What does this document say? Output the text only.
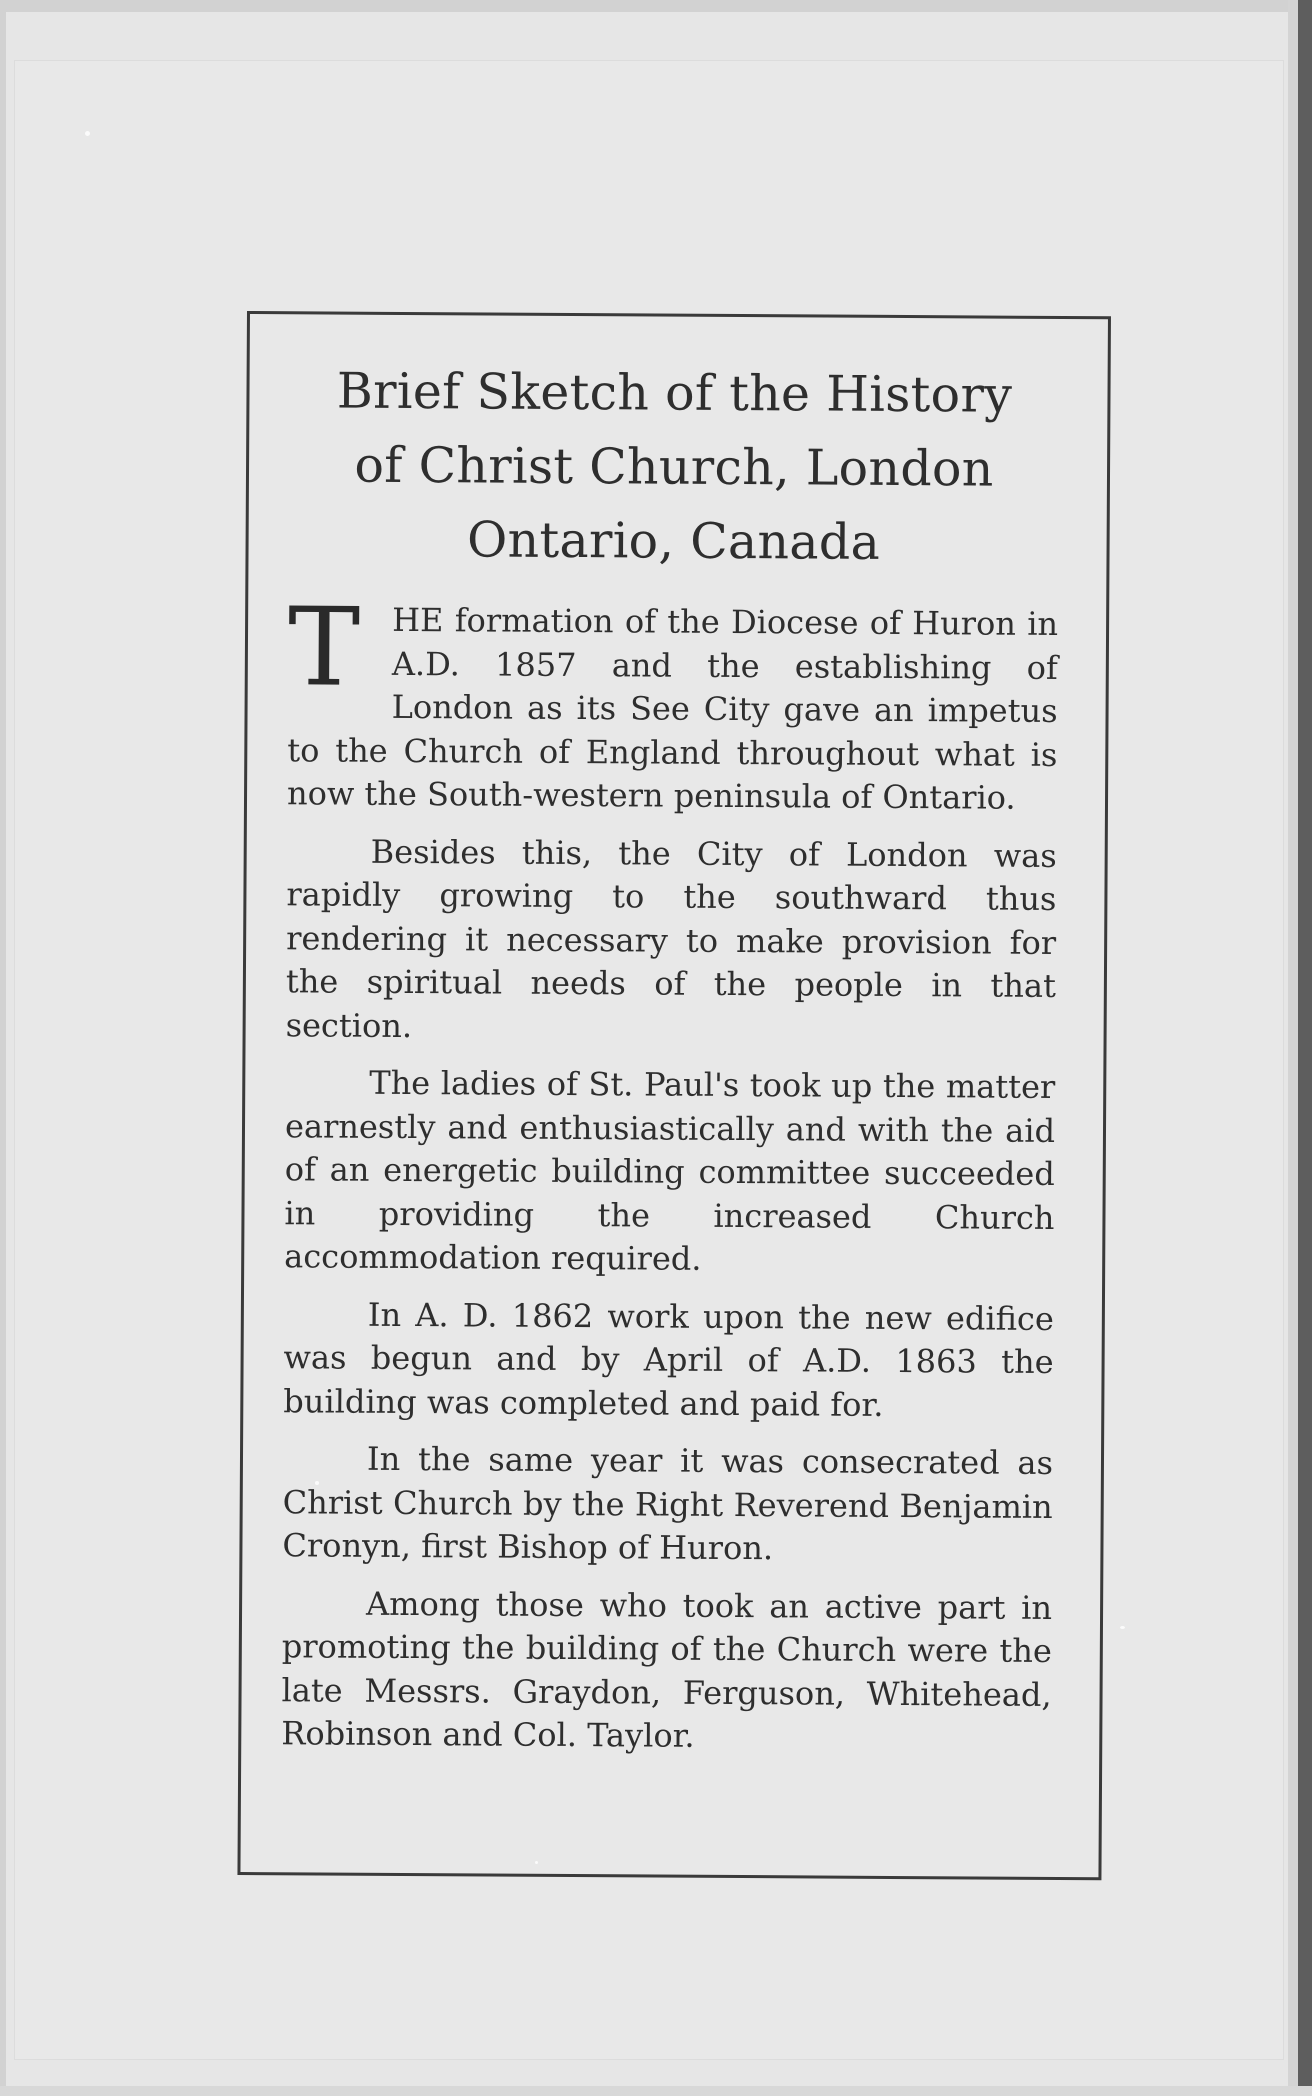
Brief Sketch of the History
of Christ Church, London
Ontario, Canada

THE formation of the Diocese of Huron in A.D. 1857 and the establishing of London as its See City gave an impetus to the Church of England throughout what is now the South-western peninsula of Ontario.

Besides this, the City of London was rapidly growing to the southward thus rendering it necessary to make provision for the spiritual needs of the people in that section.

The ladies of St. Paul's took up the matter earnestly and enthusiastically and with the aid of an energetic building committee succeeded in providing the increased Church accommodation required.

In A. D. 1862 work upon the new edifice was begun and by April of A.D. 1863 the building was completed and paid for.

In the same year it was consecrated as Christ Church by the Right Reverend Benjamin Cronyn, first Bishop of Huron.

Among those who took an active part in promoting the building of the Church were the late Messrs. Graydon, Ferguson, Whitehead, Robinson and Col. Taylor.
